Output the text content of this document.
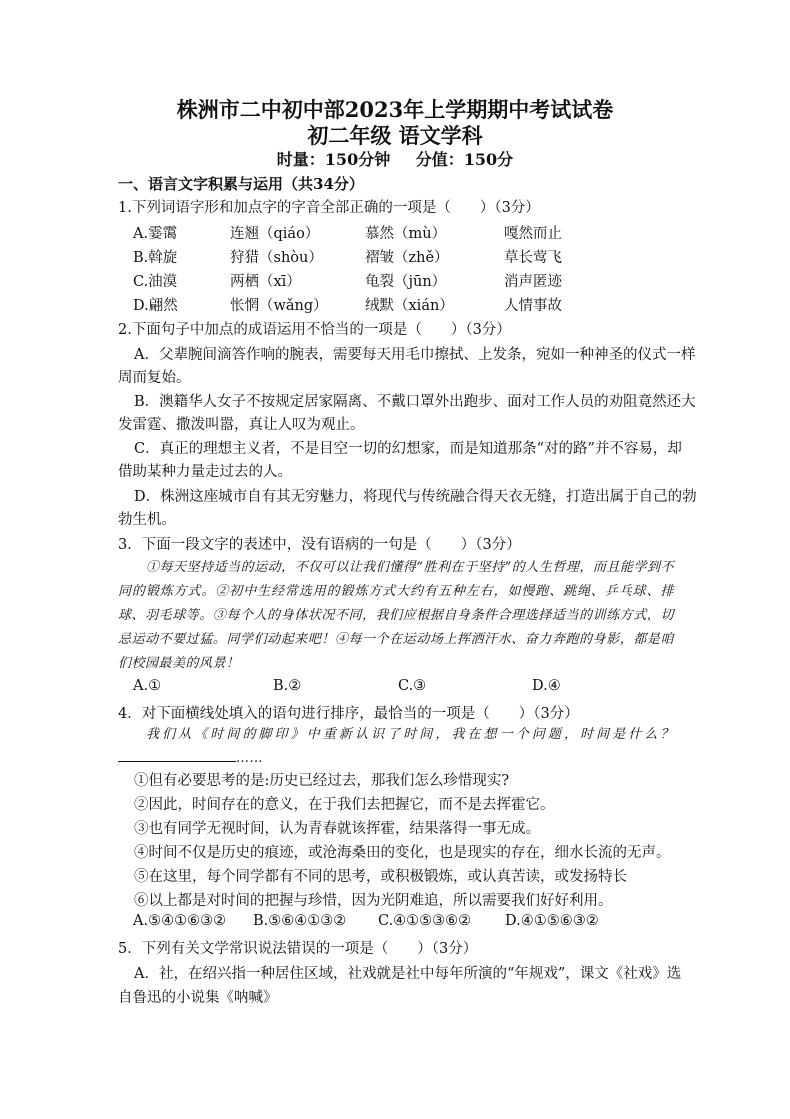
株洲市二中初中部2023年上学期期中考试试卷
初二年级 语文学科
时量：150分钟 分值：150分
一、语言文字积累与运用（共34分）
1.下列词语字形和加点字的字音全部正确的一项是（　　）（3分）
A.霎霭	连翘（qiáo）	慕然（mù）	嘎然而止
B.斡旋	狩猎（shòu）	褶皱（zhě）	草长莺飞
C.油漠	两栖（xī）	龟裂（jūn）	消声匿迹
D.翩然	怅惘（wǎng）	绒默（xián）	人情事故
2.下面句子中加点的成语运用不恰当的一项是（　　）（3分）
A．父辈腕间滴答作响的腕表，需要每天用毛巾擦拭、上发条，宛如一种神圣的仪式一样
周而复始。
B．澳籍华人女子不按规定居家隔离、不戴口罩外出跑步、面对工作人员的劝阻竟然还大
发雷霆、撒泼叫嚣，真让人叹为观止。
C．真正的理想主义者，不是目空一切的幻想家，而是知道那条“对的路”并不容易，却
借助某种力量走过去的人。
D．株洲这座城市自有其无穷魅力，将现代与传统融合得天衣无缝，打造出属于自己的勃
勃生机。
3．下面一段文字的表述中，没有语病的一句是（　　）（3分）
①每天坚持适当的运动，不仅可以让我们懂得“胜利在于坚持”的人生哲理，而且能学到不同的锻炼方式。②初中生经常选用的锻炼方式大约有五种左右，如慢跑、跳绳、乒乓球、排球、羽毛球等。③每个人的身体状况不同，我们应根据自身条件合理选择适当的训练方式，切忌运动不要过猛。同学们动起来吧！④每一个在运动场上挥洒汗水、奋力奔跑的身影，都是咱们校园最美的风景！
A.①	B.②	C.③	D.④
4．对下面横线处填入的语句进行排序，最恰当的一项是（　　）（3分）
我们从《时间的脚印》中重新认识了时间，我在想一个问题，时间是什么？……
①但有必要思考的是:历史已经过去，那我们怎么珍惜现实?
②因此，时间存在的意义，在于我们去把握它，而不是去挥霍它。
③也有同学无视时间，认为青春就该挥霍，结果落得一事无成。
④时间不仅是历史的痕迹，或沧海桑田的变化，也是现实的存在，细水长流的无声。
⑤在这里，每个同学都有不同的思考，或积极锻炼，或认真苦读，或发扬特长
⑥以上都是对时间的把握与珍惜，因为光阴难追，所以需要我们好好利用。
A.⑤④①⑥③② B.⑤⑥④①③② C.④①⑤③⑥② D.④①⑤⑥③②
5．下列有关文学常识说法错误的一项是（　　）（3分）
A．社，在绍兴指一种居住区域，社戏就是社中每年所演的“年规戏”，课文《社戏》选
自鲁迅的小说集《呐喊》
